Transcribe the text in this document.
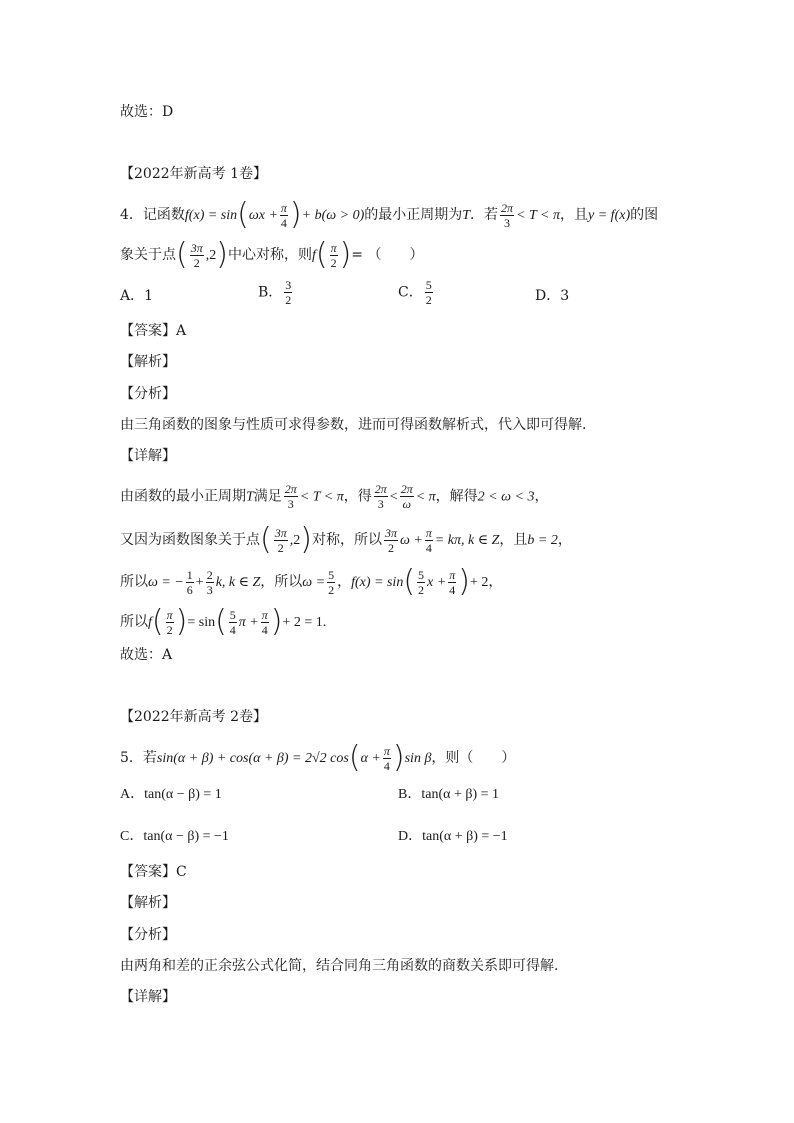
故选：D
【2022年新高考 1卷】
4．记函数$f(x) = \sin(\omega x + \frac{\pi}{4}$ )+ b(ω > 0)的最小正周期为T．若 $\frac{2\pi}{3} < T < \pi$，且y = f(x)的图
象关于点( $\frac{3\pi}{2} ,2$)中心对称，则$f( \frac{\pi}{2}$ )= （　　）
A．1	B． $\frac{3}{2}$	C． $\frac{5}{2}$	D．3
【答案】A
【解析】
【分析】
由三角函数的图象与性质可求得参数，进而可得函数解析式，代入即可得解.
【详解】
由函数的最小正周期T满足 $\frac{2\pi}{3} < T < \pi$，得 $\frac{2\pi}{3} < \frac{2\pi}{\omega} < \pi$，解得2 < ω < 3，
又因为函数图象关于点( $\frac{3\pi}{2} ,2$)对称，所以 $\frac{3\pi}{2}$ $\omega + \frac{\pi}{4} = k\pi$, k ∈ Z，且b = 2，
所以ω = − $\frac{1}{6} + \frac{2}{3} k$, k ∈ Z，所以$\omega = \frac{5}{2}$ ，$f(x) = \sin( \frac{5}{2}$ $x + \frac{\pi}{4}$ )+ 2，
所以$f( \frac{\pi}{2}$ )= $\sin( \frac{5}{4}$ $\pi + \frac{\pi}{4}$ )+ 2 = 1.
故选：A
【2022年新高考 2卷】
5．若sin(α + β) + cos(α + β) = 2√2 $\cos(\alpha + \frac{\pi}{4} )\sin$ β，则（　　）
A．tan(α − β) = 1	B．tan(α + β) = 1
C．tan(α − β) = −1	D．tan(α + β) = −1
【答案】C
【解析】
【分析】
由两角和差的正余弦公式化简，结合同角三角函数的商数关系即可得解.
【详解】
